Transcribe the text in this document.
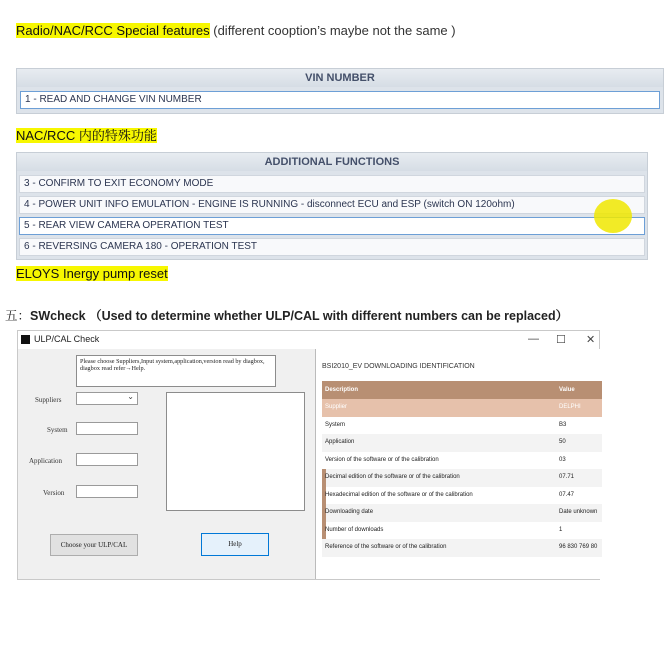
Radio/NAC/RCC Special features (different cooption’s maybe not the same )
VIN NUMBER
1 - READ AND CHANGE VIN NUMBER
NAC/RCC 内的特殊功能
ADDITIONAL FUNCTIONS
3 - CONFIRM TO EXIT ECONOMY MODE
4 - POWER UNIT INFO EMULATION - ENGINE IS RUNNING - disconnect ECU and ESP (switch ON 120ohm)
5 - REAR VIEW CAMERA OPERATION TEST
6 - REVERSING CAMERA 180 - OPERATION TEST
ELOYS Inergy pump reset
五：SWcheck （Used to determine whether ULP/CAL with different numbers can be replaced）
ULP/CAL Check	— ☐ ✕
Please choose Suppliers,Input system,application,version read by diagbox, diagbox read refer→Help.
Suppliers	⌄
System
Application
Version
Choose your ULP/CAL	Help
BSI2010_EV DOWNLOADING IDENTIFICATION
Description	Value
Supplier	DELPHI
System	B3
Application	50
Version of the software or of the calibration	03
Decimal edition of the software or of the calibration	07.71
Hexadecimal edition of the software or of the calibration	07.47
Downloading date	Date unknown
Number of downloads	1
Reference of the software or of the calibration	96 830 769 80
